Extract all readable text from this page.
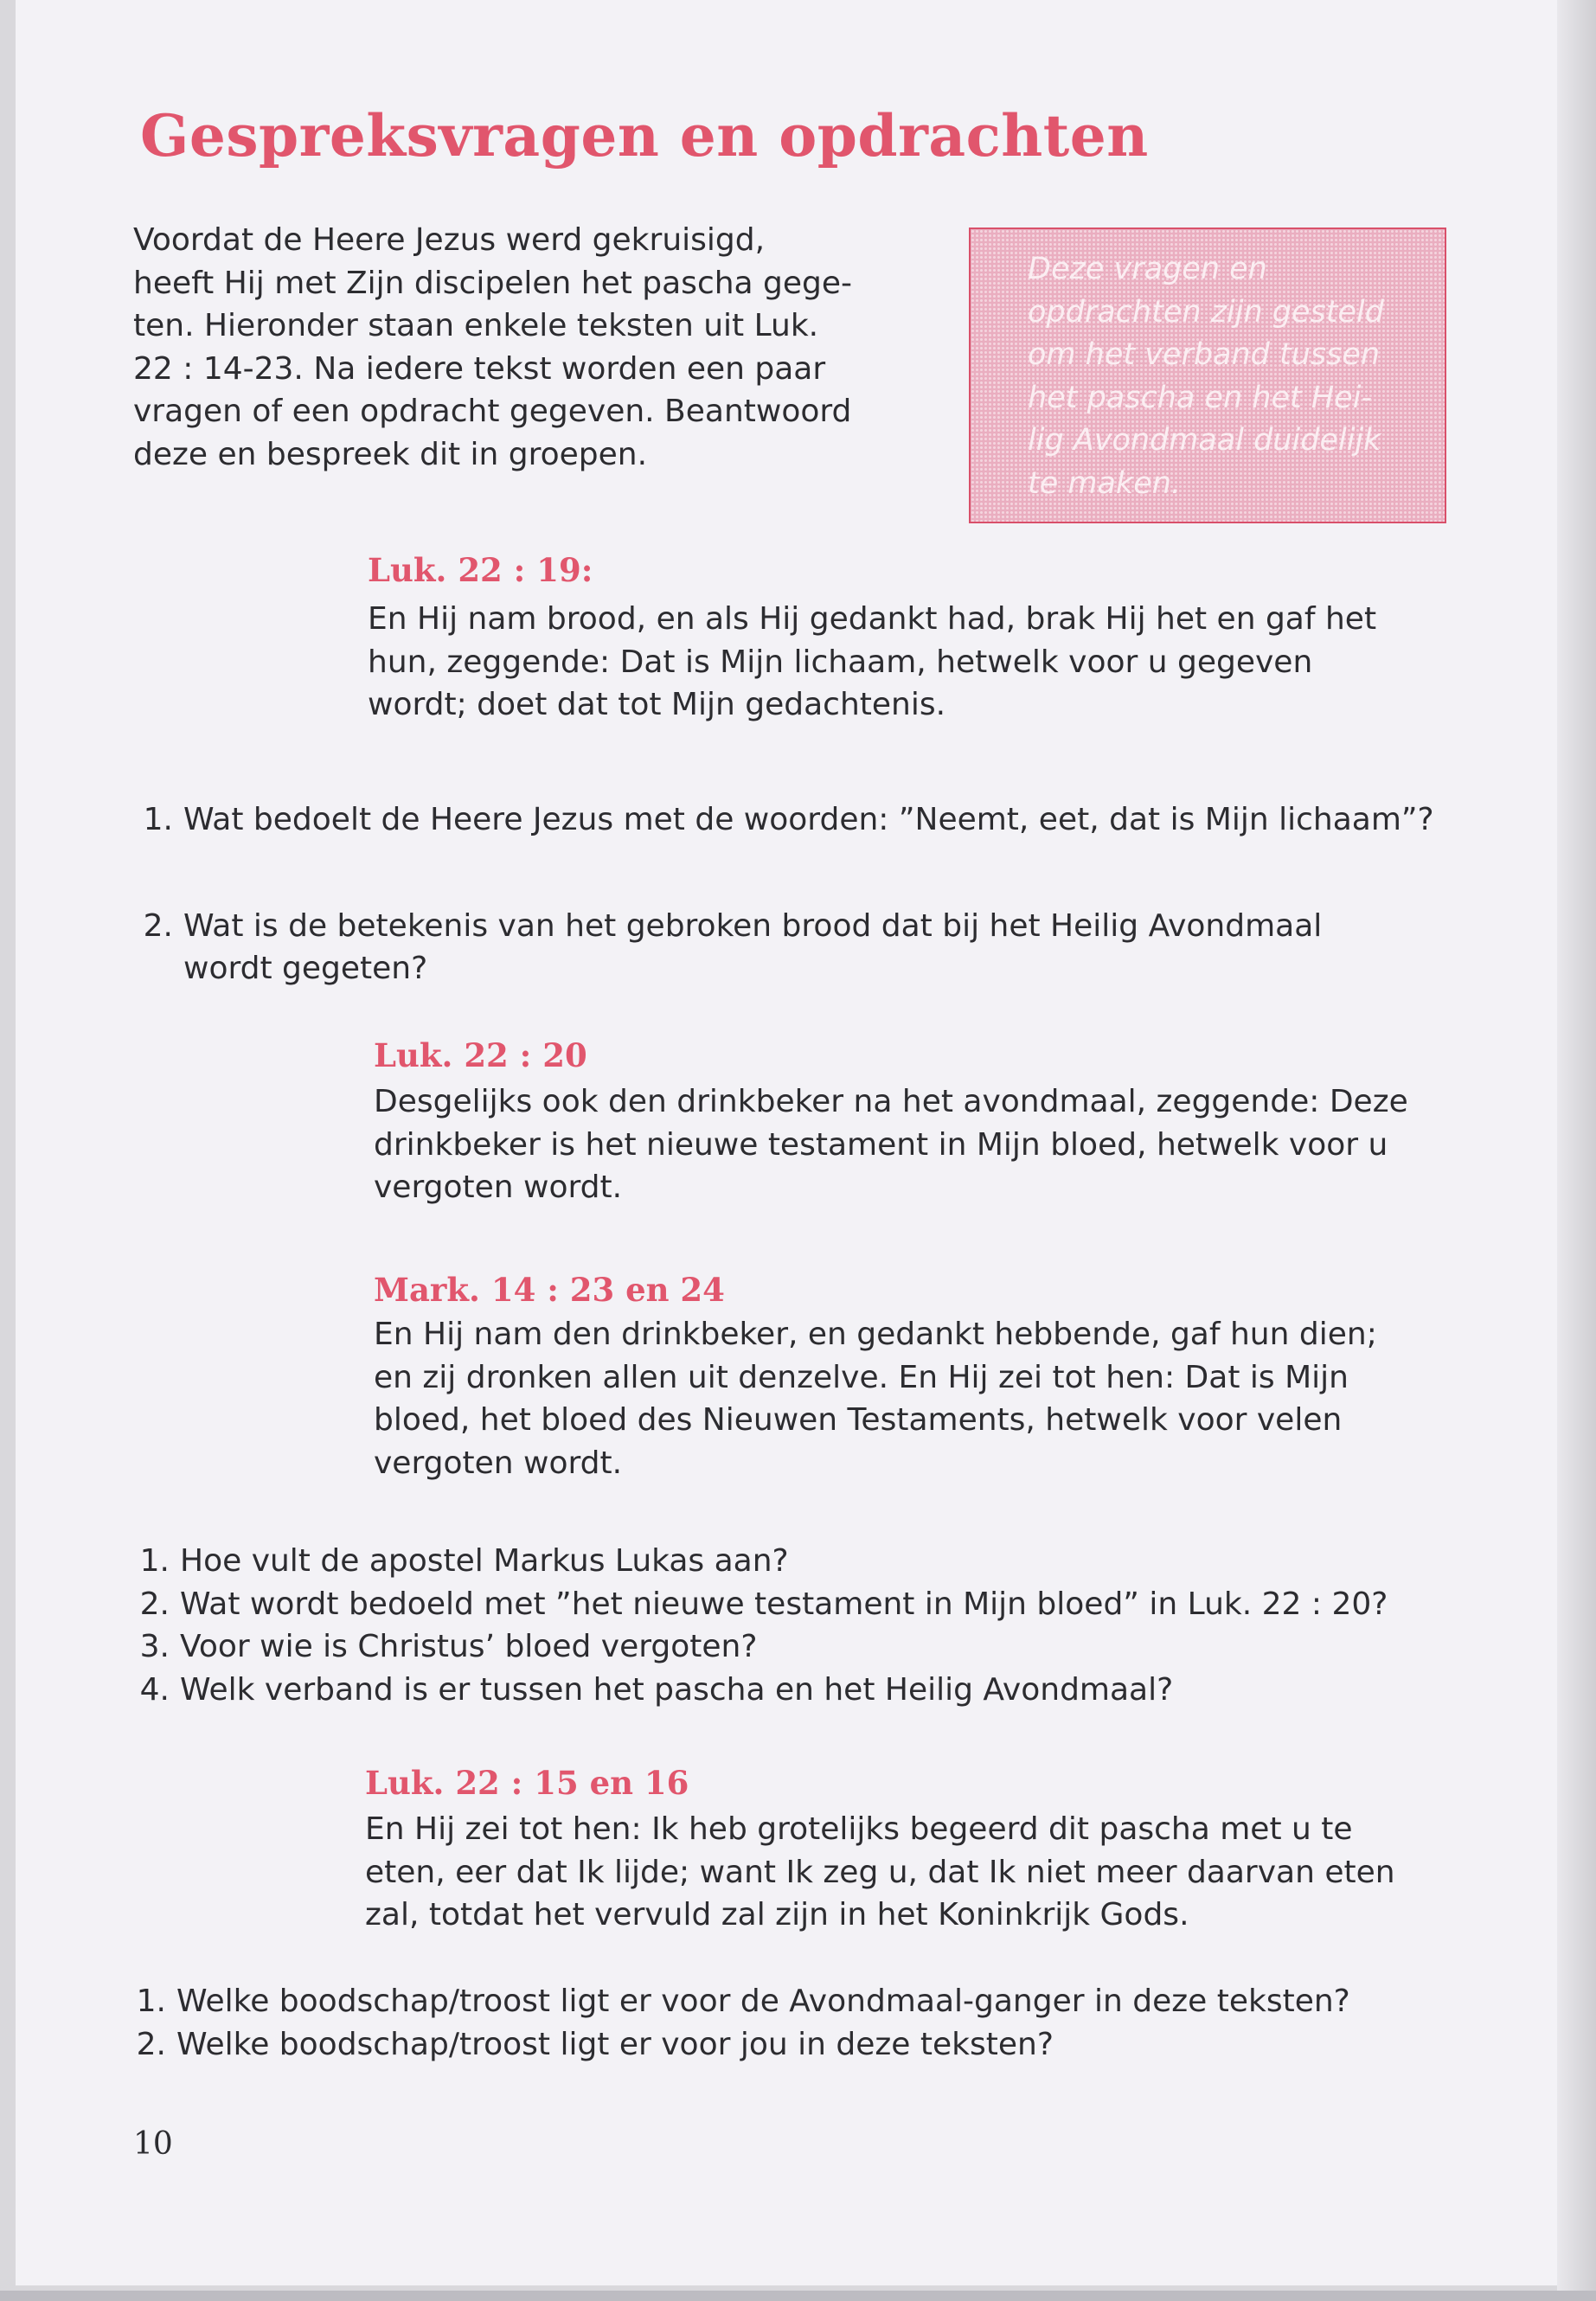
Gespreksvragen en opdrachten
Voordat de Heere Jezus werd gekruisigd,
heeft Hij met Zijn discipelen het pascha gege-
ten. Hieronder staan enkele teksten uit Luk.
22 : 14-23. Na iedere tekst worden een paar
vragen of een opdracht gegeven. Beantwoord
deze en bespreek dit in groepen.
Deze vragen en
opdrachten zijn gesteld
om het verband tussen
het pascha en het Hei-
lig Avondmaal duidelijk
te maken.
Luk. 22 : 19:
En Hij nam brood, en als Hij gedankt had, brak Hij het en gaf het
hun, zeggende: Dat is Mijn lichaam, hetwelk voor u gegeven
wordt; doet dat tot Mijn gedachtenis.
1. Wat bedoelt de Heere Jezus met de woorden: ”Neemt, eet, dat is Mijn lichaam”?
2. Wat is de betekenis van het gebroken brood dat bij het Heilig Avondmaal
wordt gegeten?
Luk. 22 : 20
Desgelijks ook den drinkbeker na het avondmaal, zeggende: Deze
drinkbeker is het nieuwe testament in Mijn bloed, hetwelk voor u
vergoten wordt.
Mark. 14 : 23 en 24
En Hij nam den drinkbeker, en gedankt hebbende, gaf hun dien;
en zij dronken allen uit denzelve. En Hij zei tot hen: Dat is Mijn
bloed, het bloed des Nieuwen Testaments, hetwelk voor velen
vergoten wordt.
1. Hoe vult de apostel Markus Lukas aan?
2. Wat wordt bedoeld met ”het nieuwe testament in Mijn bloed” in Luk. 22 : 20?
3. Voor wie is Christus’ bloed vergoten?
4. Welk verband is er tussen het pascha en het Heilig Avondmaal?
Luk. 22 : 15 en 16
En Hij zei tot hen: Ik heb grotelijks begeerd dit pascha met u te
eten, eer dat Ik lijde; want Ik zeg u, dat Ik niet meer daarvan eten
zal, totdat het vervuld zal zijn in het Koninkrijk Gods.
1. Welke boodschap/troost ligt er voor de Avondmaal-ganger in deze teksten?
2. Welke boodschap/troost ligt er voor jou in deze teksten?
10
